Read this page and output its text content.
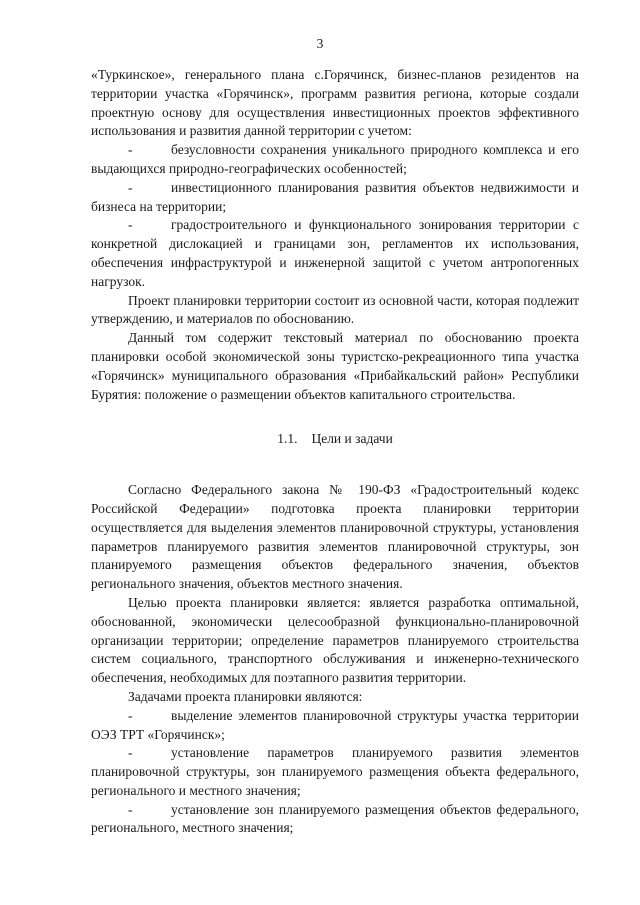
3

«Туркинское», генерального плана с.Горячинск, бизнес-планов резидентов на территории участка «Горячинск», программ развития региона, которые создали проектную основу для осуществления инвестиционных проектов эффективного использования и развития данной территории с учетом:

-	безусловности сохранения уникального природного комплекса и его выдающихся природно-географических особенностей;

-	инвестиционного планирования развития объектов недвижимости и бизнеса на территории;

-	градостроительного и функционального зонирования территории с конкретной дислокацией и границами зон, регламентов их использования, обеспечения инфраструктурой и инженерной защитой с учетом антропогенных нагрузок.

Проект планировки территории состоит из основной части, которая подлежит утверждению, и материалов по обоснованию.

Данный том содержит текстовый материал по обоснованию проекта планировки особой экономической зоны туристско-рекреационного типа участка «Горячинск» муниципального образования «Прибайкальский район» Республики Бурятия: положение о размещении объектов капитального строительства.

1.1. Цели и задачи

Согласно Федерального закона № 190-ФЗ «Градостроительный кодекс Российской Федерации» подготовка проекта планировки территории осуществляется для выделения элементов планировочной структуры, установления параметров планируемого развития элементов планировочной структуры, зон планируемого размещения объектов федерального значения, объектов регионального значения, объектов местного значения.

Целью проекта планировки является: является разработка оптимальной, обоснованной, экономически целесообразной функционально-планировочной организации территории; определение параметров планируемого строительства систем социального, транспортного обслуживания и инженерно-технического обеспечения, необходимых для поэтапного развития территории.

Задачами проекта планировки являются:

-	выделение элементов планировочной структуры участка территории ОЭЗ ТРТ «Горячинск»;

-	установление параметров планируемого развития элементов планировочной структуры, зон планируемого размещения объекта федерального, регионального и местного значения;

-	установление зон планируемого размещения объектов федерального, регионального, местного значения;
